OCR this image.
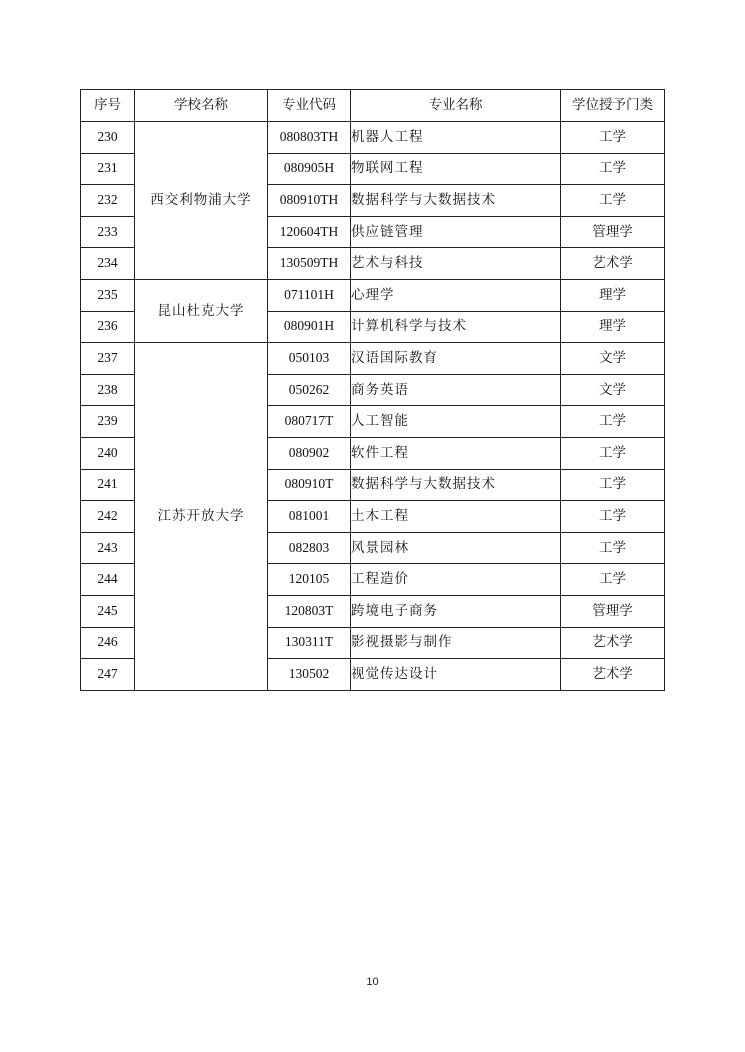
序号	学校名称	专业代码	专业名称	学位授予门类
230	西交利物浦大学	080803TH	机器人工程	工学
231		080905H	物联网工程	工学
232		080910TH	数据科学与大数据技术	工学
233		120604TH	供应链管理	管理学
234		130509TH	艺术与科技	艺术学
235	昆山杜克大学	071101H	心理学	理学
236		080901H	计算机科学与技术	理学
237	江苏开放大学	050103	汉语国际教育	文学
238		050262	商务英语	文学
239		080717T	人工智能	工学
240		080902	软件工程	工学
241		080910T	数据科学与大数据技术	工学
242		081001	土木工程	工学
243		082803	风景园林	工学
244		120105	工程造价	工学
245		120803T	跨境电子商务	管理学
246		130311T	影视摄影与制作	艺术学
247		130502	视觉传达设计	艺术学
10
